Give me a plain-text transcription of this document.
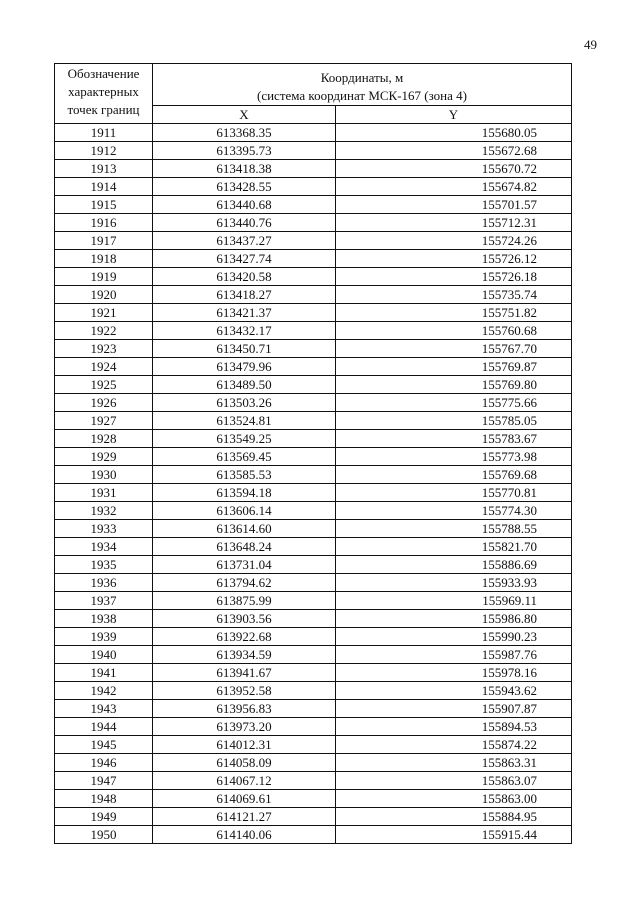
49
Обозначение
характерных
точек границ	Координаты, м
(система координат МСК-167 (зона 4)	
	X	Y
1911	613368.35	155680.05
1912	613395.73	155672.68
1913	613418.38	155670.72
1914	613428.55	155674.82
1915	613440.68	155701.57
1916	613440.76	155712.31
1917	613437.27	155724.26
1918	613427.74	155726.12
1919	613420.58	155726.18
1920	613418.27	155735.74
1921	613421.37	155751.82
1922	613432.17	155760.68
1923	613450.71	155767.70
1924	613479.96	155769.87
1925	613489.50	155769.80
1926	613503.26	155775.66
1927	613524.81	155785.05
1928	613549.25	155783.67
1929	613569.45	155773.98
1930	613585.53	155769.68
1931	613594.18	155770.81
1932	613606.14	155774.30
1933	613614.60	155788.55
1934	613648.24	155821.70
1935	613731.04	155886.69
1936	613794.62	155933.93
1937	613875.99	155969.11
1938	613903.56	155986.80
1939	613922.68	155990.23
1940	613934.59	155987.76
1941	613941.67	155978.16
1942	613952.58	155943.62
1943	613956.83	155907.87
1944	613973.20	155894.53
1945	614012.31	155874.22
1946	614058.09	155863.31
1947	614067.12	155863.07
1948	614069.61	155863.00
1949	614121.27	155884.95
1950	614140.06	155915.44
